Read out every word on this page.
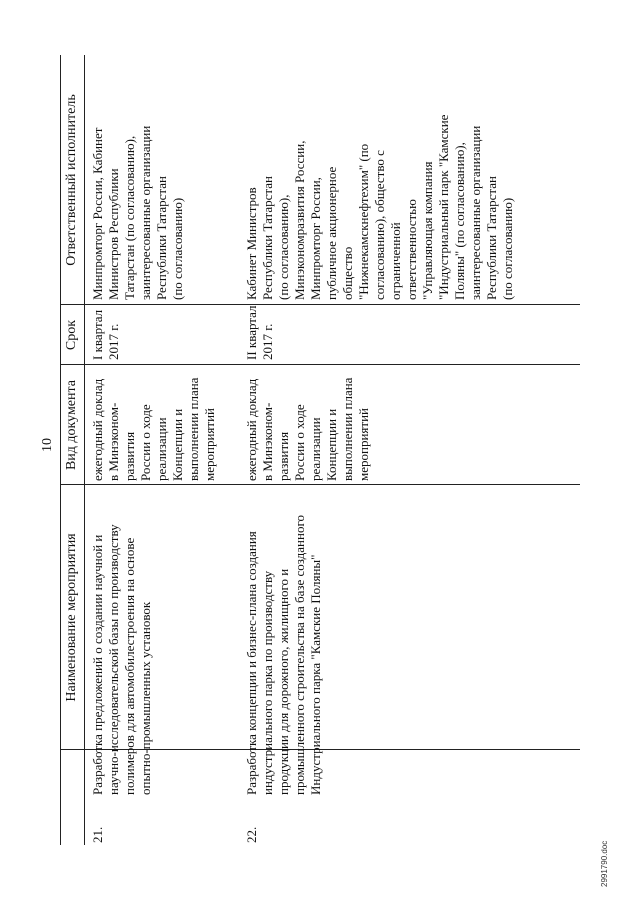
10
Наименование мероприятия
Вид документа
Срок
Ответственный исполнитель
21.
Разработка предложений о создании научной и
научно-исследовательской базы по производству
полимеров для автомобилестроения на основе
опытно-промышленных установок
ежегодный доклад
в Минэконом-
развития
России о ходе
реализации
Концепции и
выполнении плана
мероприятий
I квартал
2017 г.
Минпромторг России, Кабинет
Министров Республики
Татарстан (по согласованию),
заинтересованные организации
Республики Татарстан
(по согласованию)
22.
Разработка концепции и бизнес-плана создания
индустриального парка по производству
продукции для дорожного, жилищного и
промышленного строительства на базе созданного
Индустриального парка "Камские Поляны"
ежегодный доклад
в Минэконом-
развития
России о ходе
реализации
Концепции и
выполнении плана
мероприятий
II квартал
2017 г.
Кабинет Министров
Республики Татарстан
(по согласованию),
Минэкономразвития России,
Минпромторг России,
публичное акционерное
общество
"Нижнекамскнефтехим" (по
согласованию), общество с
ограниченной
ответственностью
"Управляющая компания
"Индустриальный парк "Камские
Поляны" (по согласованию),
заинтересованные организации
Республики Татарстан
(по согласованию)
2991790.doc
